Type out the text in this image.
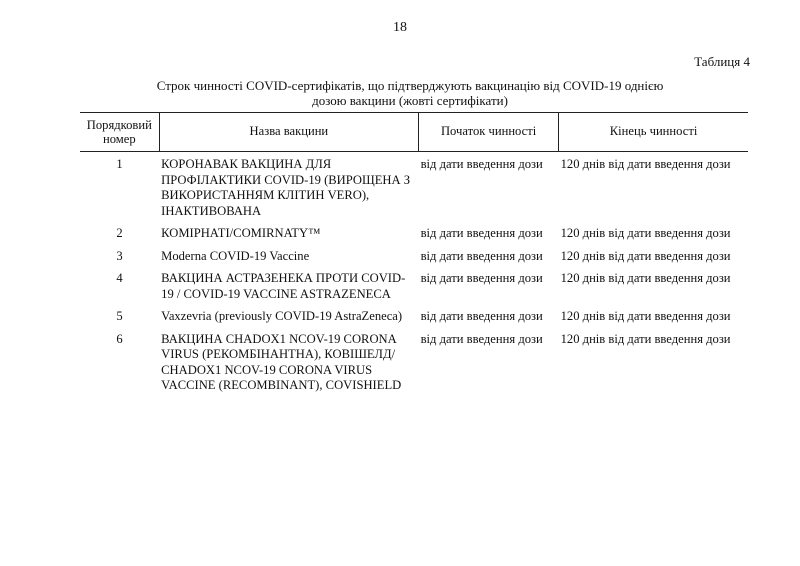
18
Таблиця 4
Строк чинності COVID-сертифікатів, що підтверджують вакцинацію від COVID-19 однією дозою вакцини (жовті сертифікати)
Порядковий номер	Назва вакцини	Початок чинності	Кінець чинності
1	КОРОНАВАК ВАКЦИНА ДЛЯ ПРОФІЛАКТИКИ COVID-19 (ВИРОЩЕНА З ВИКОРИСТАННЯМ КЛІТИН VERO), ІНАКТИВОВАНА	від дати введення дози	120 днів від дати введення дози
2	КОМІРНАТІ/COMIRNATY™	від дати введення дози	120 днів від дати введення дози
3	Moderna COVID-19 Vaccine	від дати введення дози	120 днів від дати введення дози
4	ВАКЦИНА АСТРАЗЕНЕКА ПРОТИ COVID-19 / COVID-19 VACCINE ASTRAZENECA	від дати введення дози	120 днів від дати введення дози
5	Vaxzevria (previously COVID-19 AstraZeneca)	від дати введення дози	120 днів від дати введення дози
6	ВАКЦИНА CHADOX1 NCOV-19 CORONA VIRUS (РЕКОМБІНАНТНА), КОВІШЕЛД/ CHADOX1 NCOV-19 CORONA VIRUS VACCINE (RECOMBINANT), COVISHIELD	від дати введення дози	120 днів від дати введення дози
